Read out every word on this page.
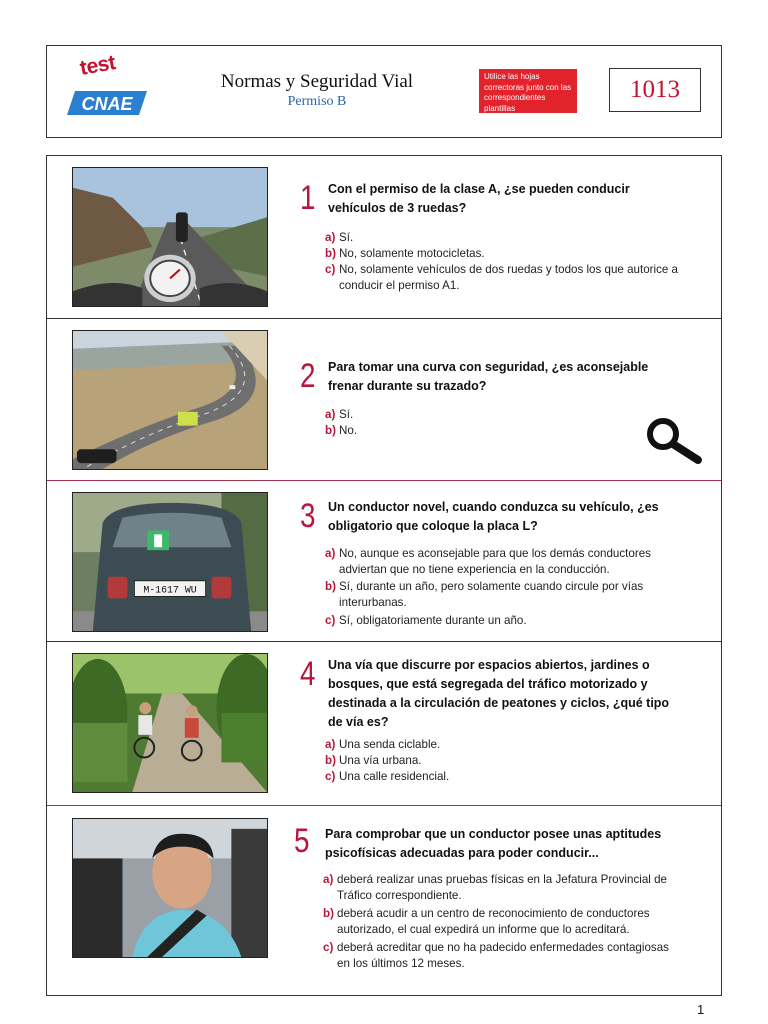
test
CNAE
Normas y Seguridad Vial
Permiso B
Utilice las hojas correctoras junto con las correspondientes plantillas
1013
1 Con el permiso de la clase A, ¿se pueden conducir vehículos de 3 ruedas?
a) Sí.
b) No, solamente motocicletas.
c) No, solamente vehículos de dos ruedas y todos los que autorice a conducir el permiso A1.
2 Para tomar una curva con seguridad, ¿es aconsejable frenar durante su trazado?
a) Sí.
b) No.
M-1617 WU
3 Un conductor novel, cuando conduzca su vehículo, ¿es obligatorio que coloque la placa L?
a) No, aunque es aconsejable para que los demás conductores adviertan que no tiene experiencia en la conducción.
b) Sí, durante un año, pero solamente cuando circule por vías interurbanas.
c) Sí, obligatoriamente durante un año.
4 Una vía que discurre por espacios abiertos, jardines o bosques, que está segregada del tráfico motorizado y destinada a la circulación de peatones y ciclos, ¿qué tipo de vía es?
a) Una senda ciclable.
b) Una vía urbana.
c) Una calle residencial.
5 Para comprobar que un conductor posee unas aptitudes psicofísicas adecuadas para poder conducir...
a) deberá realizar unas pruebas físicas en la Jefatura Provincial de Tráfico correspondiente.
b) deberá acudir a un centro de reconocimiento de conductores autorizado, el cual expedirá un informe que lo acreditará.
c) deberá acreditar que no ha padecido enfermedades contagiosas en los últimos 12 meses.
1
